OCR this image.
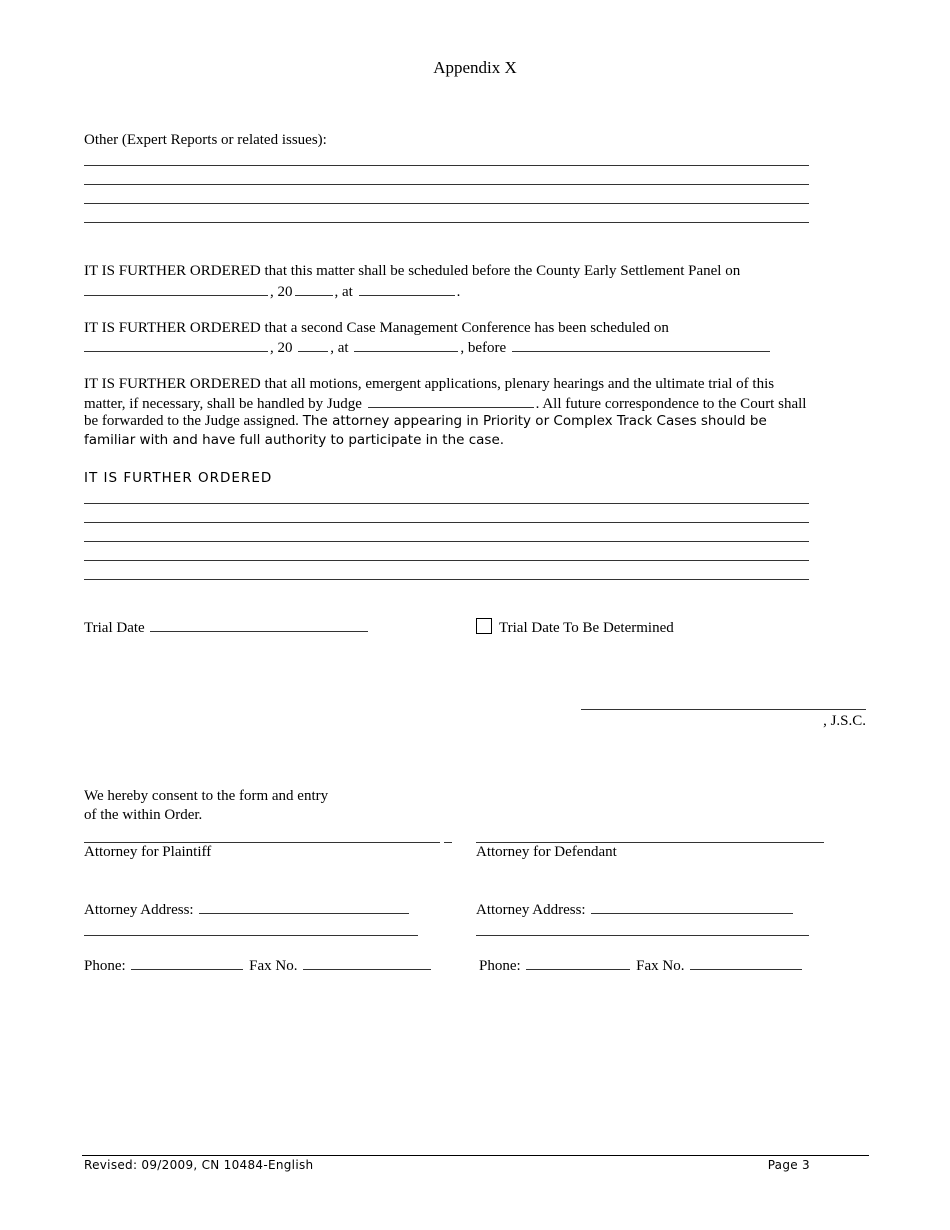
Appendix X
Other (Expert Reports or related issues):
IT IS FURTHER ORDERED that this matter shall be scheduled before the County Early Settlement Panel on
, 20	, at	.
IT IS FURTHER ORDERED that a second Case Management Conference has been scheduled on
, 20	, at	, before
IT IS FURTHER ORDERED that all motions, emergent applications, plenary hearings and the ultimate trial of this
matter, if necessary, shall be handled by Judge	. All future correspondence to the Court shall
be forwarded to the Judge assigned. The attorney appearing in Priority or Complex Track Cases should be
familiar with and have full authority to participate in the case.
IT IS FURTHER ORDERED
Trial Date	Trial Date To Be Determined
, J.S.C.
We hereby consent to the form and entry
of the within Order.
Attorney for Plaintiff	Attorney for Defendant
Attorney Address:	Attorney Address:
Phone:	Fax No.	Phone:	Fax No.
Revised: 09/2009, CN 10484-English	Page 3
